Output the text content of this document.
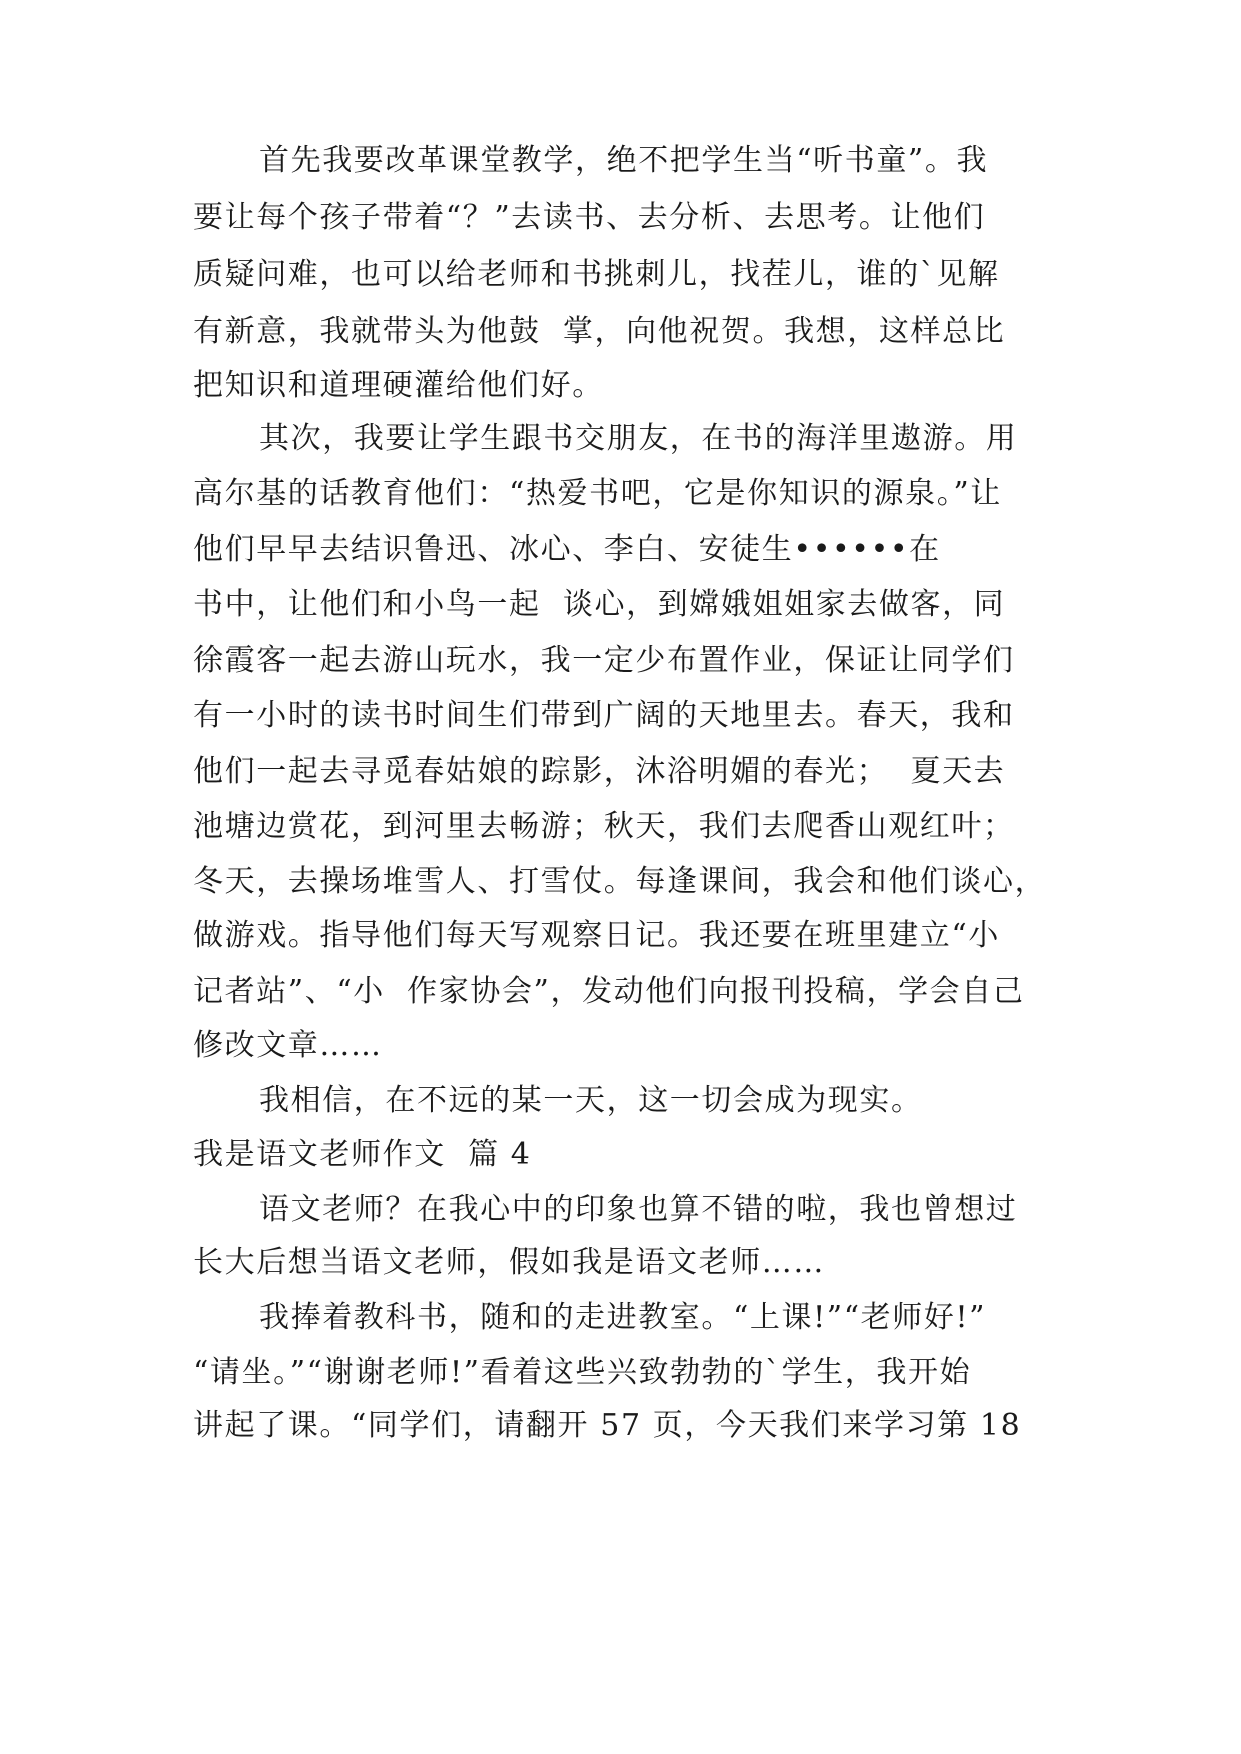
首先我要改革课堂教学，绝不把学生当“听书童”。我
要让每个孩子带着“？”去读书、去分析、去思考。让他们
质疑问难，也可以给老师和书挑刺儿，找茬儿，谁的`见解
有新意，我就带头为他鼓  掌，向他祝贺。我想，这样总比
把知识和道理硬灌给他们好。
其次，我要让学生跟书交朋友，在书的海洋里遨游。用
高尔基的话教育他们：“热爱书吧，它是你知识的源泉。”让
他们早早去结识鲁迅、冰心、李白、安徒生••••••在
书中，让他们和小鸟一起  谈心，到嫦娥姐姐家去做客，同
徐霞客一起去游山玩水，我一定少布置作业，保证让同学们
有一小时的读书时间生们带到广阔的天地里去。春天，我和
他们一起去寻觅春姑娘的踪影，沐浴明媚的春光；  夏天去
池塘边赏花，到河里去畅游；秋天，我们去爬香山观红叶；
冬天，去操场堆雪人、打雪仗。每逢课间，我会和他们谈心，
做游戏。指导他们每天写观察日记。我还要在班里建立“小
记者站”、“小  作家协会”，发动他们向报刊投稿，学会自己
修改文章……
我相信，在不远的某一天，这一切会成为现实。
我是语文老师作文  篇 4
语文老师？在我心中的印象也算不错的啦，我也曾想过
长大后想当语文老师，假如我是语文老师……
我捧着教科书，随和的走进教室。“上课!”“老师好!”
“请坐。”“谢谢老师!”看着这些兴致勃勃的`学生，我开始
讲起了课。“同学们，请翻开 57 页，今天我们来学习第 18
